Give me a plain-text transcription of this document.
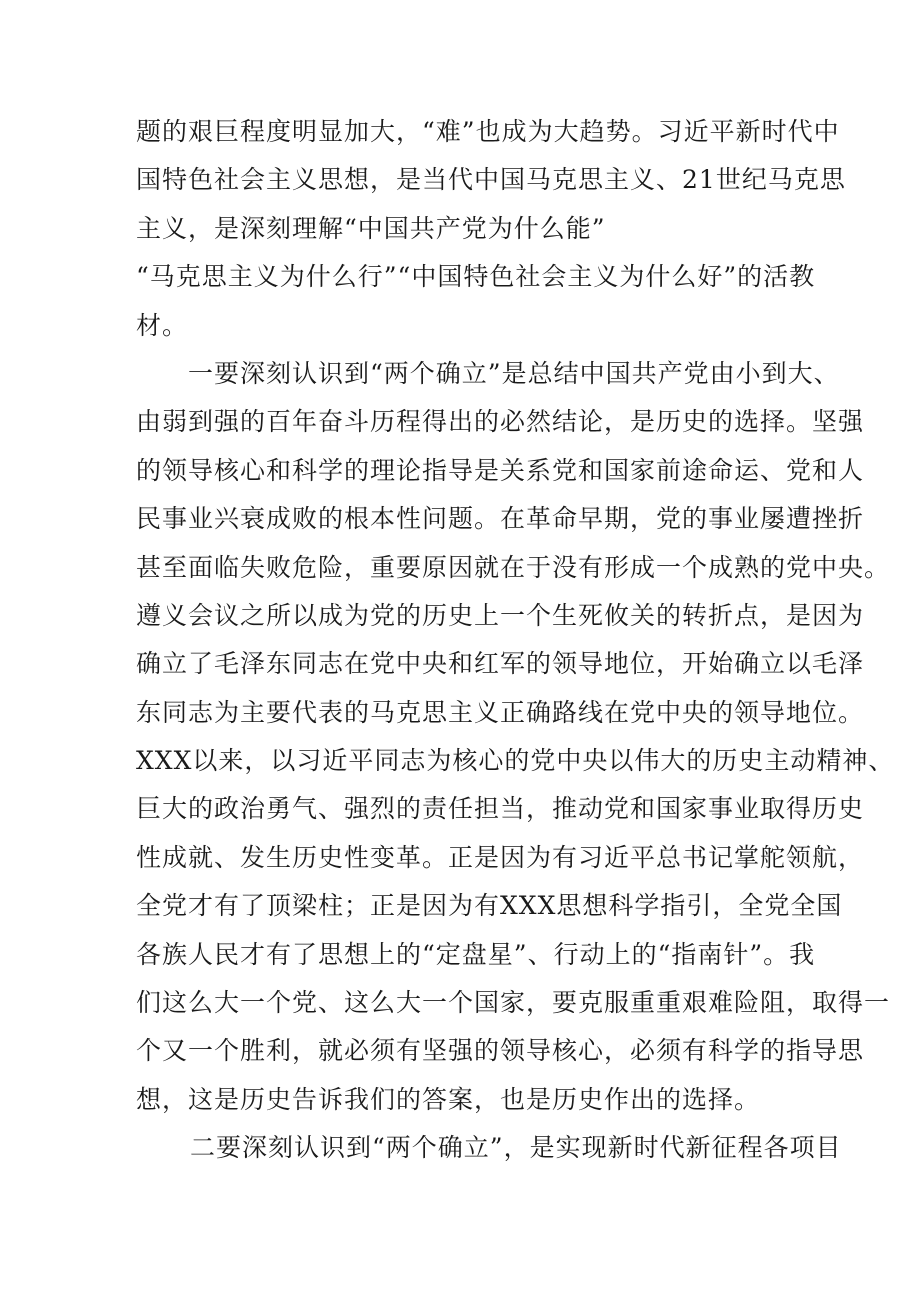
题的艰巨程度明显加大，“难”也成为大趋势。习近平新时代中
国特色社会主义思想，是当代中国马克思主义、21世纪马克思
主义，是深刻理解“中国共产党为什么能”
“马克思主义为什么行”“中国特色社会主义为什么好”的活教
材。
一要深刻认识到“两个确立”是总结中国共产党由小到大、
由弱到强的百年奋斗历程得出的必然结论，是历史的选择。坚强
的领导核心和科学的理论指导是关系党和国家前途命运、党和人
民事业兴衰成败的根本性问题。在革命早期，党的事业屡遭挫折
甚至面临失败危险，重要原因就在于没有形成一个成熟的党中央。
遵义会议之所以成为党的历史上一个生死攸关的转折点，是因为
确立了毛泽东同志在党中央和红军的领导地位，开始确立以毛泽
东同志为主要代表的马克思主义正确路线在党中央的领导地位。
XXX以来，以习近平同志为核心的党中央以伟大的历史主动精神、
巨大的政治勇气、强烈的责任担当，推动党和国家事业取得历史
性成就、发生历史性变革。正是因为有习近平总书记掌舵领航，
全党才有了顶梁柱；正是因为有XXX思想科学指引，全党全国
各族人民才有了思想上的“定盘星”、行动上的“指南针”。我
们这么大一个党、这么大一个国家，要克服重重艰难险阻，取得一
个又一个胜利，就必须有坚强的领导核心，必须有科学的指导思
想，这是历史告诉我们的答案，也是历史作出的选择。
二要深刻认识到“两个确立”，是实现新时代新征程各项目
